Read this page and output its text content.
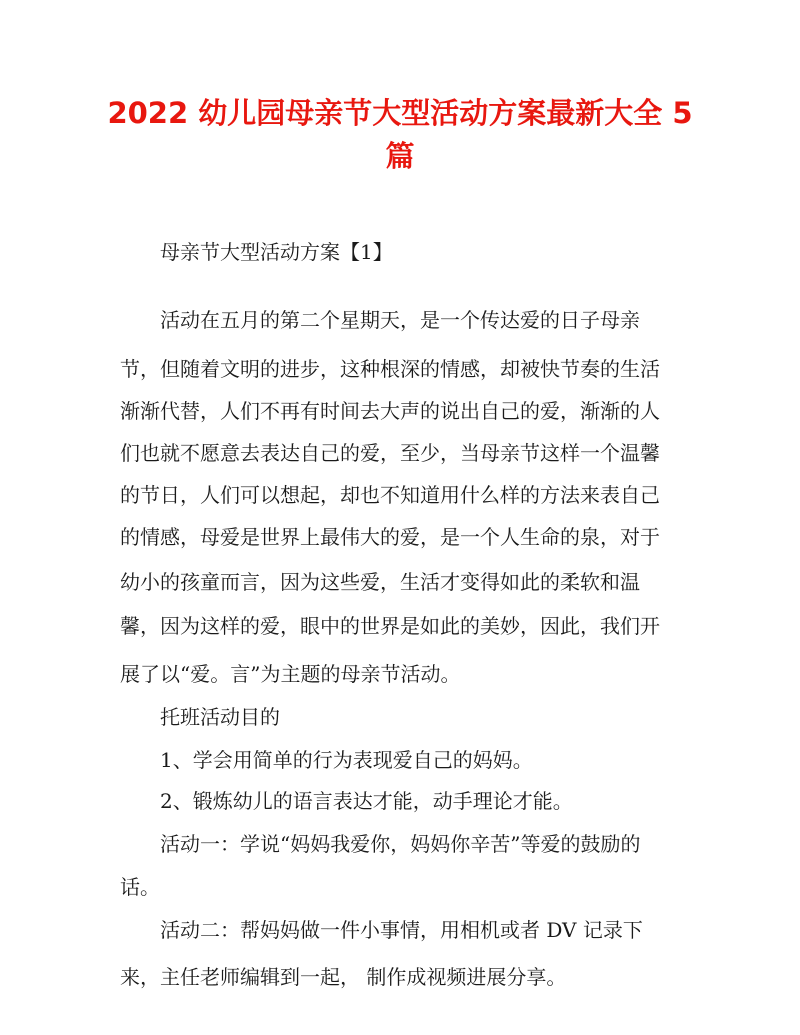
2022 幼儿园母亲节大型活动方案最新大全 5
篇

母亲节大型活动方案【1】

活动在五月的第二个星期天，是一个传达爱的日子母亲

节，但随着文明的进步，这种根深的情感，却被快节奏的生活

渐渐代替，人们不再有时间去大声的说出自己的爱，渐渐的人

们也就不愿意去表达自己的爱，至少，当母亲节这样一个温馨

的节日，人们可以想起，却也不知道用什么样的方法来表自己

的情感，母爱是世界上最伟大的爱，是一个人生命的泉，对于

幼小的孩童而言，因为这些爱，生活才变得如此的柔软和温

馨，因为这样的爱，眼中的世界是如此的美妙，因此，我们开

展了以“爱。言”为主题的母亲节活动。

托班活动目的

1、学会用简单的行为表现爱自己的妈妈。

2、锻炼幼儿的语言表达才能，动手理论才能。

活动一：学说“妈妈我爱你，妈妈你辛苦”等爱的鼓励的

话。

活动二：帮妈妈做一件小事情，用相机或者 DV 记录下

来，主任老师编辑到一起， 制作成视频进展分享。
